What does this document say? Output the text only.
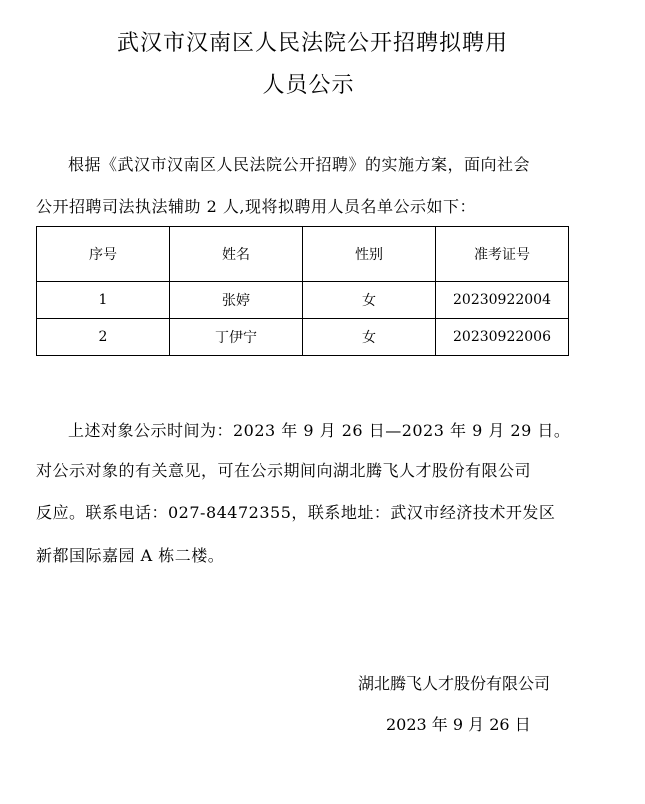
武汉市汉南区人民法院公开招聘拟聘用
人员公示
根据《武汉市汉南区人民法院公开招聘》的实施方案，面向社会
公开招聘司法执法辅助 2 人,现将拟聘用人员名单公示如下：
序号	姓名	性别	准考证号
1	张婷	女	20230922004
2	丁伊宁	女	20230922006
上述对象公示时间为：2023 年 9 月 26 日—2023 年 9 月 29 日。
对公示对象的有关意见，可在公示期间向湖北腾飞人才股份有限公司
反应。联系电话：027-84472355，联系地址：武汉市经济技术开发区
新都国际嘉园 A 栋二楼。
湖北腾飞人才股份有限公司
2023 年 9 月 26 日
